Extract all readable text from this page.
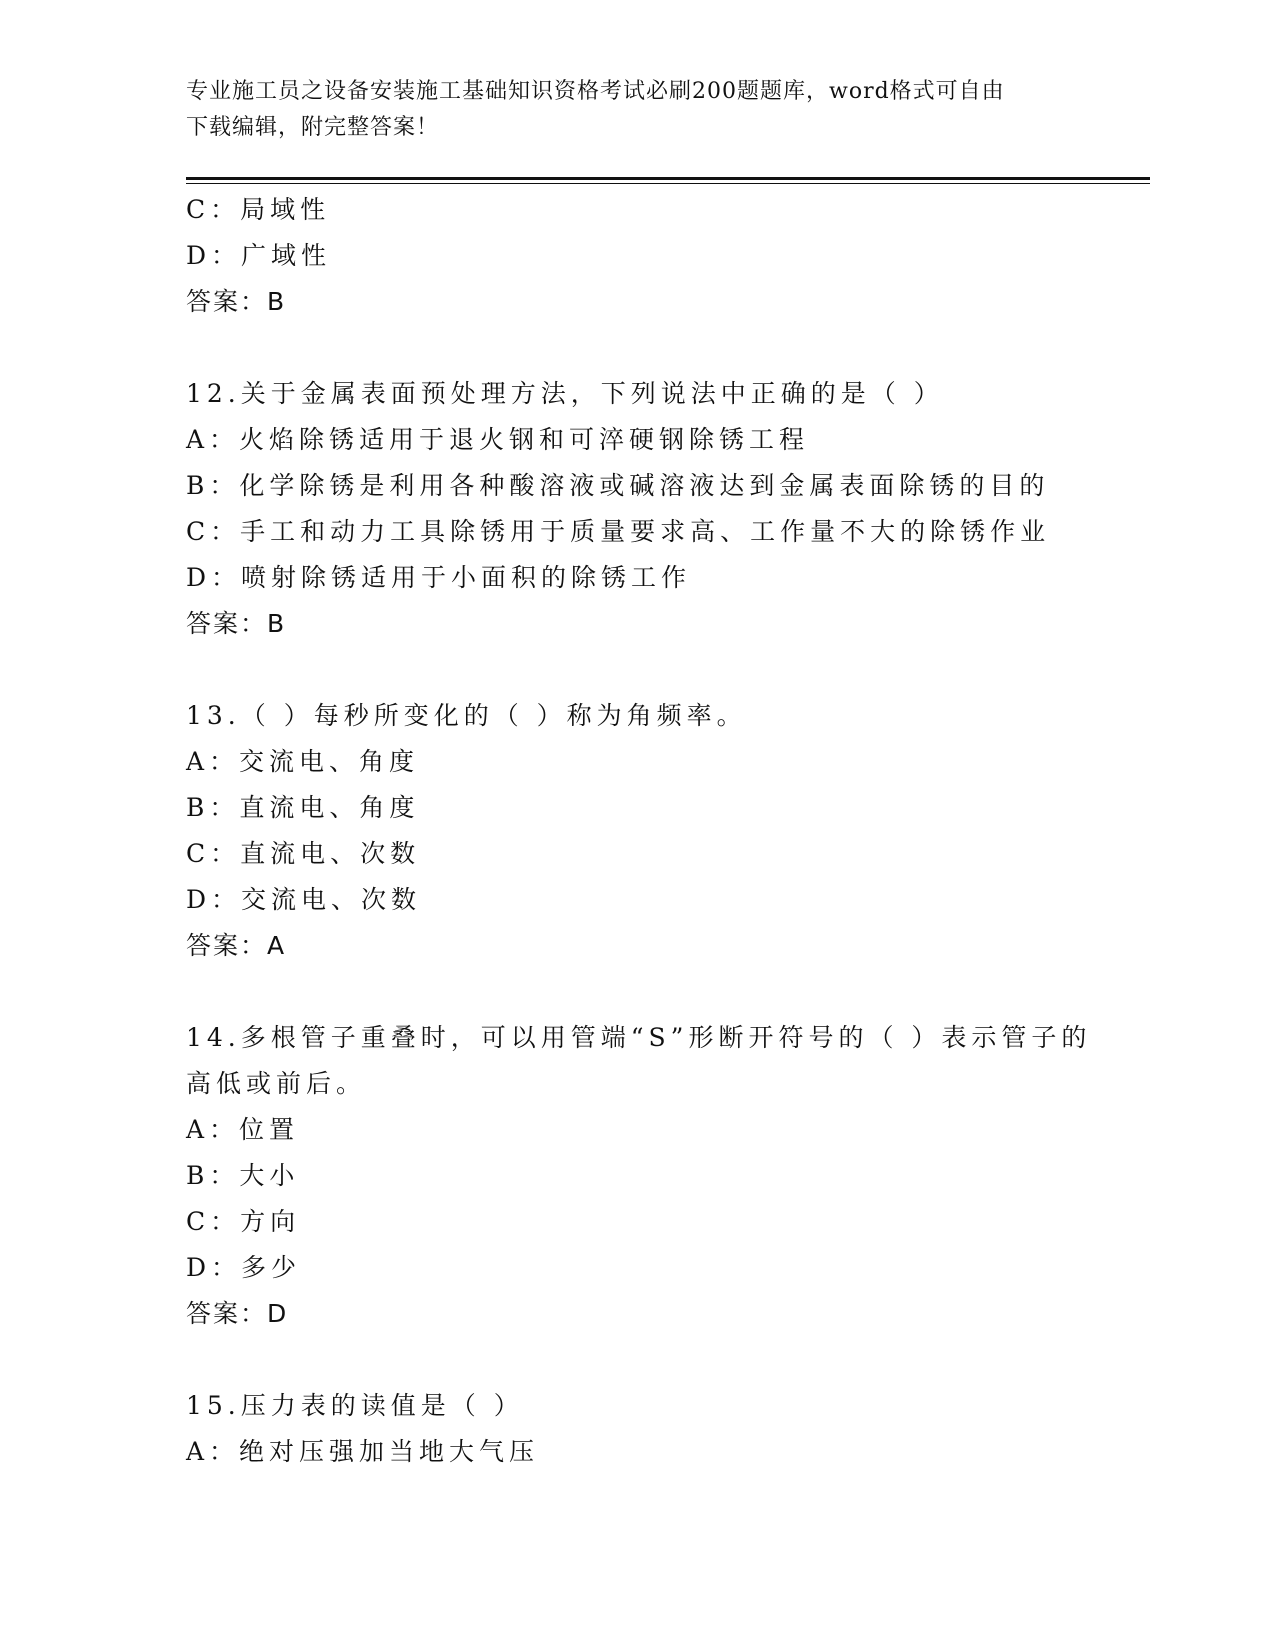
专业施工员之设备安装施工基础知识资格考试必刷200题题库，word格式可自由
下载编辑，附完整答案！
C：局域性
D：广域性
答案：B
12.关于金属表面预处理方法，下列说法中正确的是（ ）
A：火焰除锈适用于退火钢和可淬硬钢除锈工程
B：化学除锈是利用各种酸溶液或碱溶液达到金属表面除锈的目的
C：手工和动力工具除锈用于质量要求高、工作量不大的除锈作业
D：喷射除锈适用于小面积的除锈工作
答案：B
13.（ ）每秒所变化的（ ）称为角频率。
A：交流电、角度
B：直流电、角度
C：直流电、次数
D：交流电、次数
答案：A
14.多根管子重叠时，可以用管端“S”形断开符号的（ ）表示管子的
高低或前后。
A：位置
B：大小
C：方向
D：多少
答案：D
15.压力表的读值是（ ）
A：绝对压强加当地大气压
